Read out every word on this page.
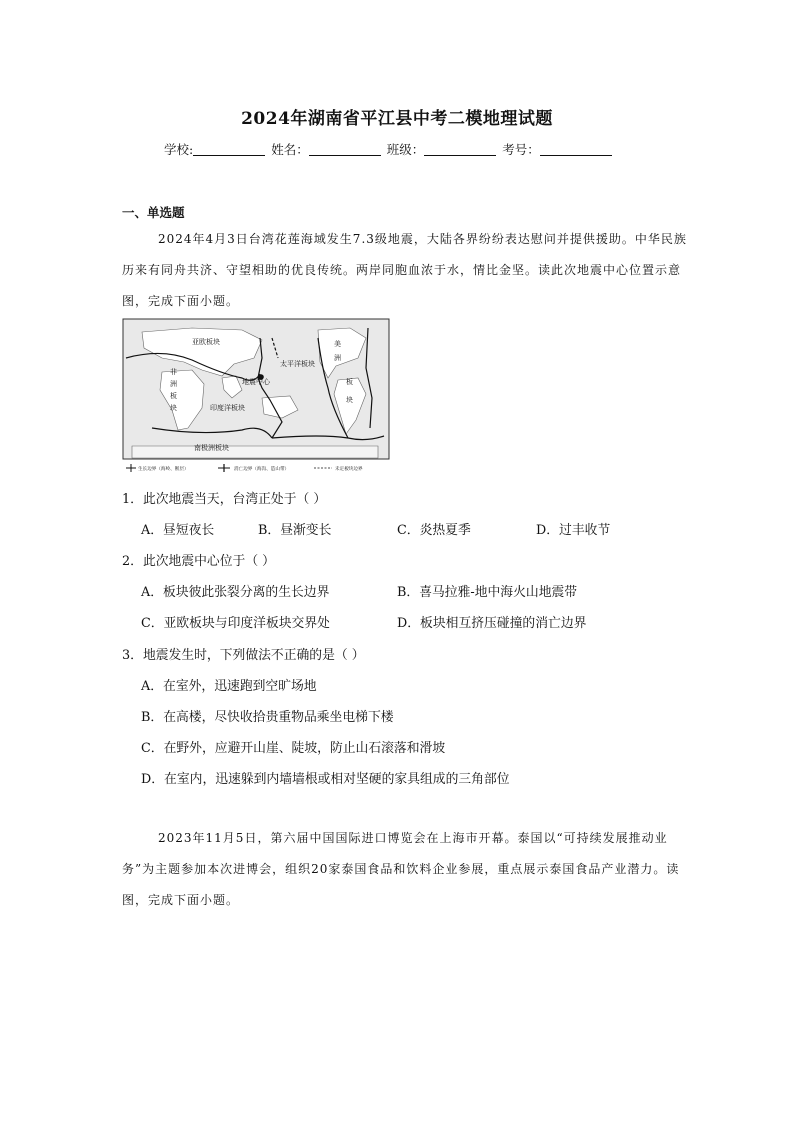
2024年湖南省平江县中考二模地理试题
学校:	姓名：	班级：	考号：
一、单选题
2024年4月3日台湾花莲海域发生7.3级地震，大陆各界纷纷表达慰问并提供援助。中华民族历来有同舟共济、守望相助的优良传统。两岸同胞血浓于水，情比金坚。读此次地震中心位置示意图，完成下面小题。
亚欧板块
太平洋板块
美
洲
非
洲
板
块	印度洋板块
地震中心
南极洲板块
板
块
生长边界（海岭、断层）	消亡边界（海沟、造山带）	未定板块边界
1．此次地震当天，台湾正处于（ ）
A．昼短夜长	B．昼渐变长	C．炎热夏季	D．过丰收节
2．此次地震中心位于（ ）
A．板块彼此张裂分离的生长边界	B．喜马拉雅-地中海火山地震带
C．亚欧板块与印度洋板块交界处	D．板块相互挤压碰撞的消亡边界
3．地震发生时，下列做法不正确的是（ ）
A．在室外，迅速跑到空旷场地
B．在高楼，尽快收拾贵重物品乘坐电梯下楼
C．在野外，应避开山崖、陡坡，防止山石滚落和滑坡
D．在室内，迅速躲到内墙墙根或相对坚硬的家具组成的三角部位
2023年11月5日，第六届中国国际进口博览会在上海市开幕。泰国以“可持续发展推动业务”为主题参加本次进博会，组织20家泰国食品和饮料企业参展，重点展示泰国食品产业潜力。读图，完成下面小题。
